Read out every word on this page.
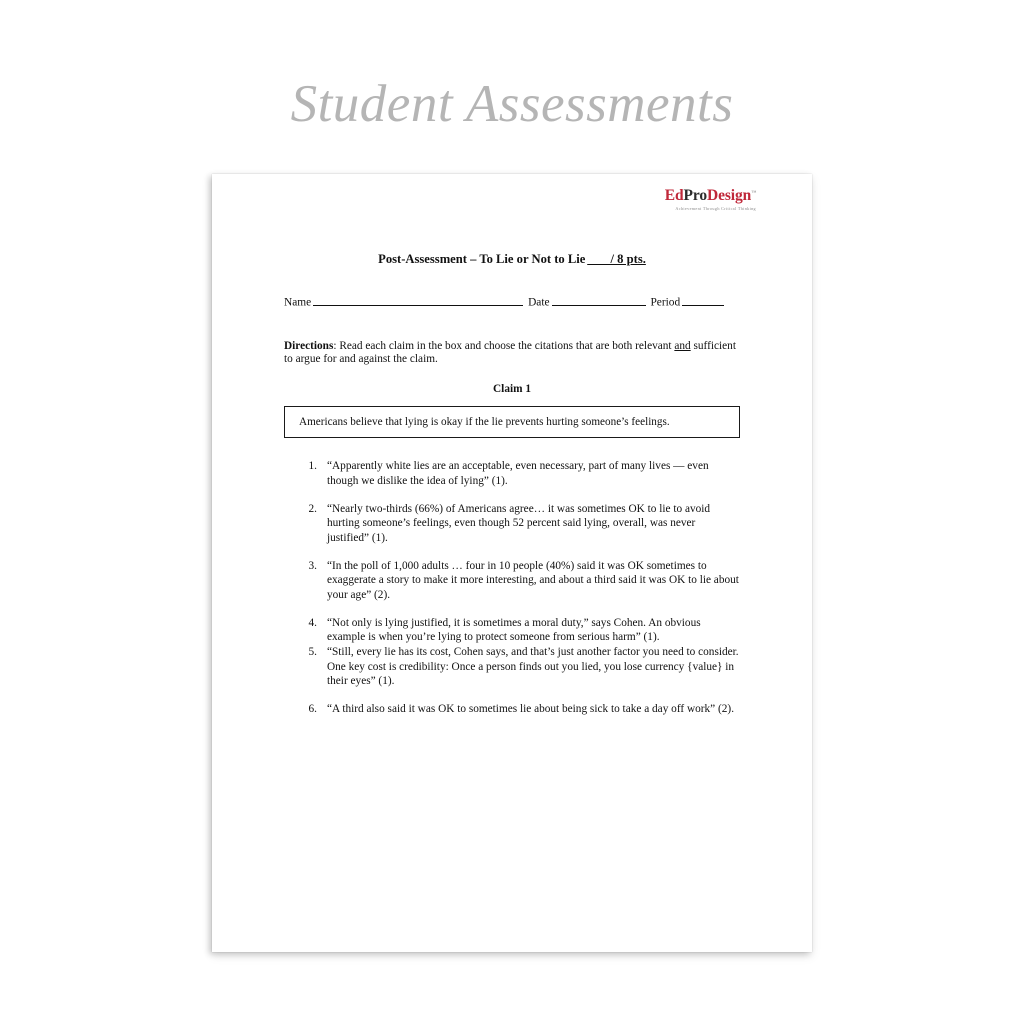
Student Assessments
EdProDesign™
Achievement Through Critical Thinking
Post-Assessment – To Lie or Not to Lie ____/ 8 pts.
Name	Date	Period
Directions: Read each claim in the box and choose the citations that are both relevant and sufficient to argue for and against the claim.
Claim 1
Americans believe that lying is okay if the lie prevents hurting someone’s feelings.
1. “Apparently white lies are an acceptable, even necessary, part of many lives — even though we dislike the idea of lying” (1).
2. “Nearly two-thirds (66%) of Americans agree… it was sometimes OK to lie to avoid hurting someone’s feelings, even though 52 percent said lying, overall, was never justified” (1).
3. “In the poll of 1,000 adults … four in 10 people (40%) said it was OK sometimes to exaggerate a story to make it more interesting, and about a third said it was OK to lie about your age” (2).
4. “Not only is lying justified, it is sometimes a moral duty,” says Cohen. An obvious example is when you’re lying to protect someone from serious harm” (1).
5. “Still, every lie has its cost, Cohen says, and that’s just another factor you need to consider. One key cost is credibility: Once a person finds out you lied, you lose currency {value} in their eyes” (1).
6. “A third also said it was OK to sometimes lie about being sick to take a day off work” (2).
